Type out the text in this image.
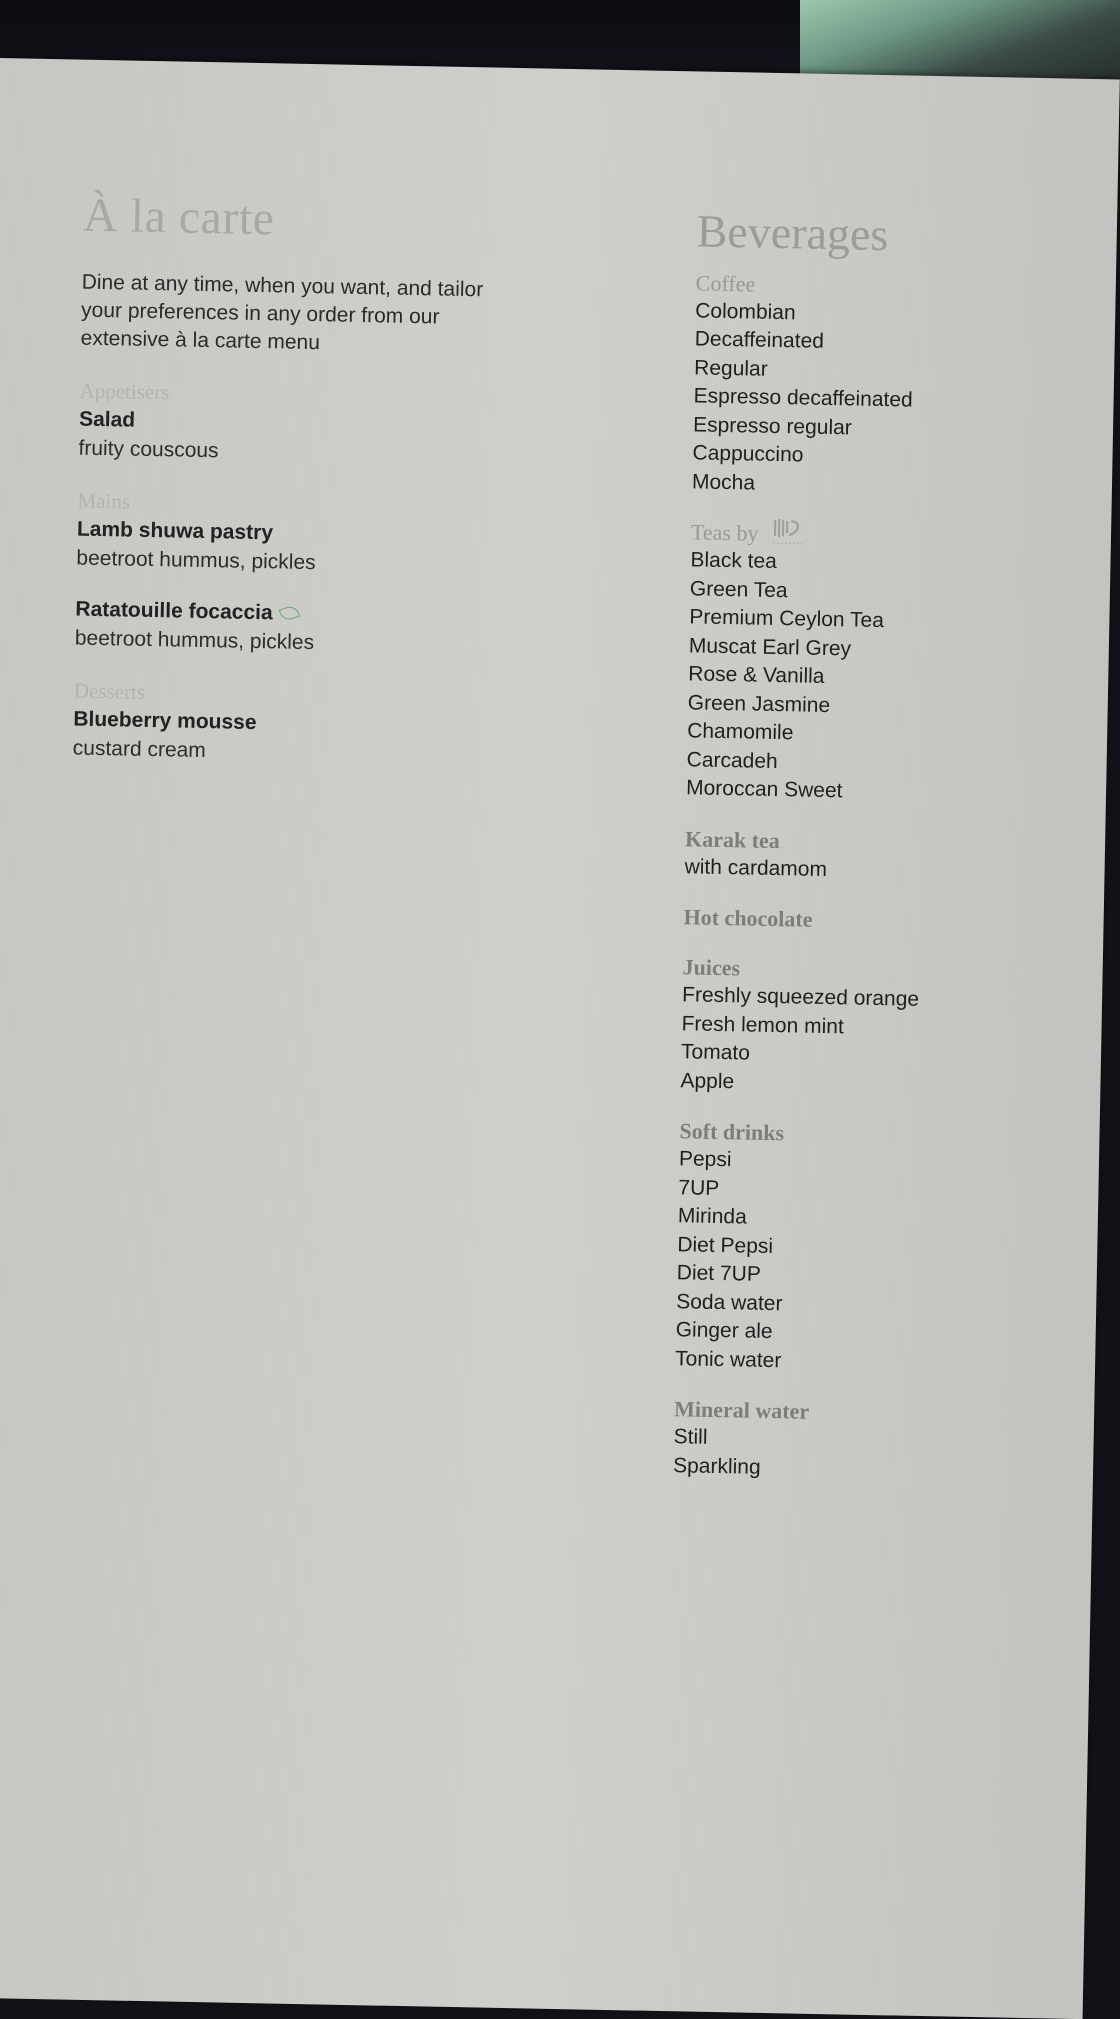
À la carte
Dine at any time, when you want, and tailor your preferences in any order from our extensive à la carte menu
Appetisers
Salad
fruity couscous
Mains
Lamb shuwa pastry
beetroot hummus, pickles
Ratatouille focaccia
beetroot hummus, pickles
Desserts
Blueberry mousse
custard cream
Beverages
Coffee
Colombian
Decaffeinated
Regular
Espresso decaffeinated
Espresso regular
Cappuccino
Mocha
Teas by
Black tea
Green Tea
Premium Ceylon Tea
Muscat Earl Grey
Rose & Vanilla
Green Jasmine
Chamomile
Carcadeh
Moroccan Sweet
Karak tea
with cardamom
Hot chocolate
Juices
Freshly squeezed orange
Fresh lemon mint
Tomato
Apple
Soft drinks
Pepsi
7UP
Mirinda
Diet Pepsi
Diet 7UP
Soda water
Ginger ale
Tonic water
Mineral water
Still
Sparkling
